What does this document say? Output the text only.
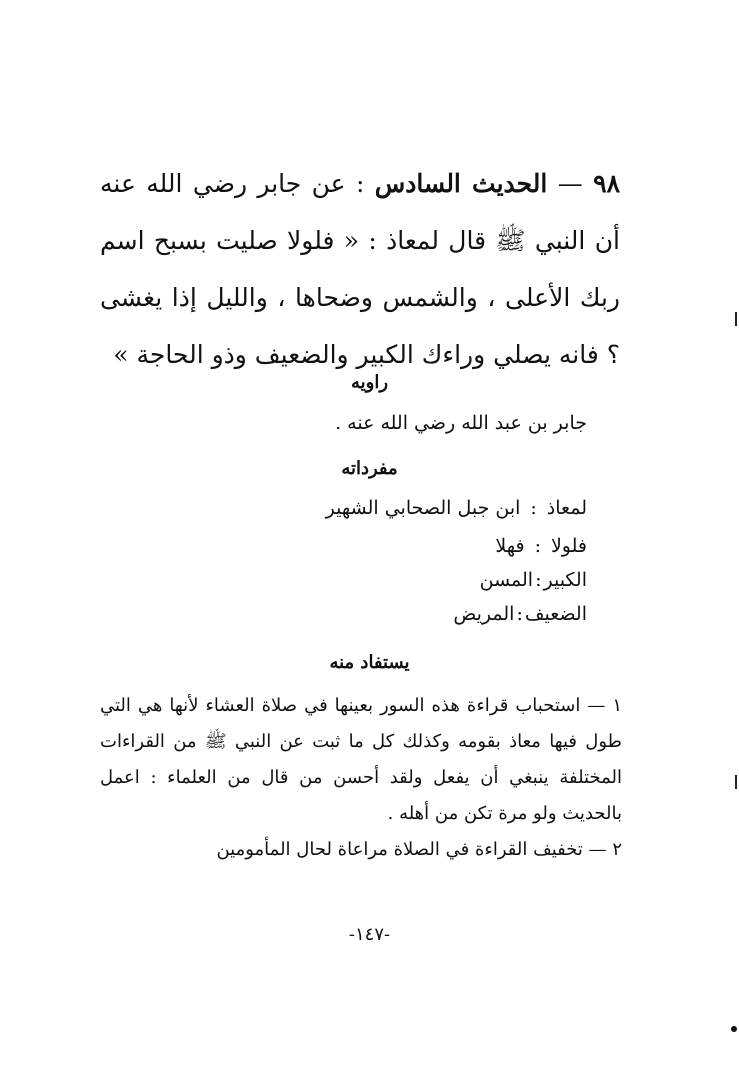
٩٨ — الحديث السادس : عن جابر رضي الله عنه أن النبي ﷺ قال لمعاذ : « فلولا صليت بسبح اسم ربك الأعلى ، والشمس وضحاها ، والليل إذا يغشى ؟ فانه يصلي وراءك الكبير والضعيف وذو الحاجة »
راويه
جابر بن عبد الله رضي الله عنه .
مفرداته
لمعاذ:ابن جبل الصحابي الشهير
فلولا:فهلا
الكبير:المسن
الضعيف:المريض
يستفاد منه

١ — استحباب قراءة هذه السور بعينها في صلاة العشاء لأنها هي التي طول فيها معاذ بقومه وكذلك كل ما ثبت عن النبي ﷺ من القراءات المختلفة ينبغي أن يفعل ولقد أحسن من قال من العلماء : اعمل بالحديث ولو مرة تكن من أهله .

٢ — تخفيف القراءة في الصلاة مراعاة لحال المأمومين

-١٤٧-
